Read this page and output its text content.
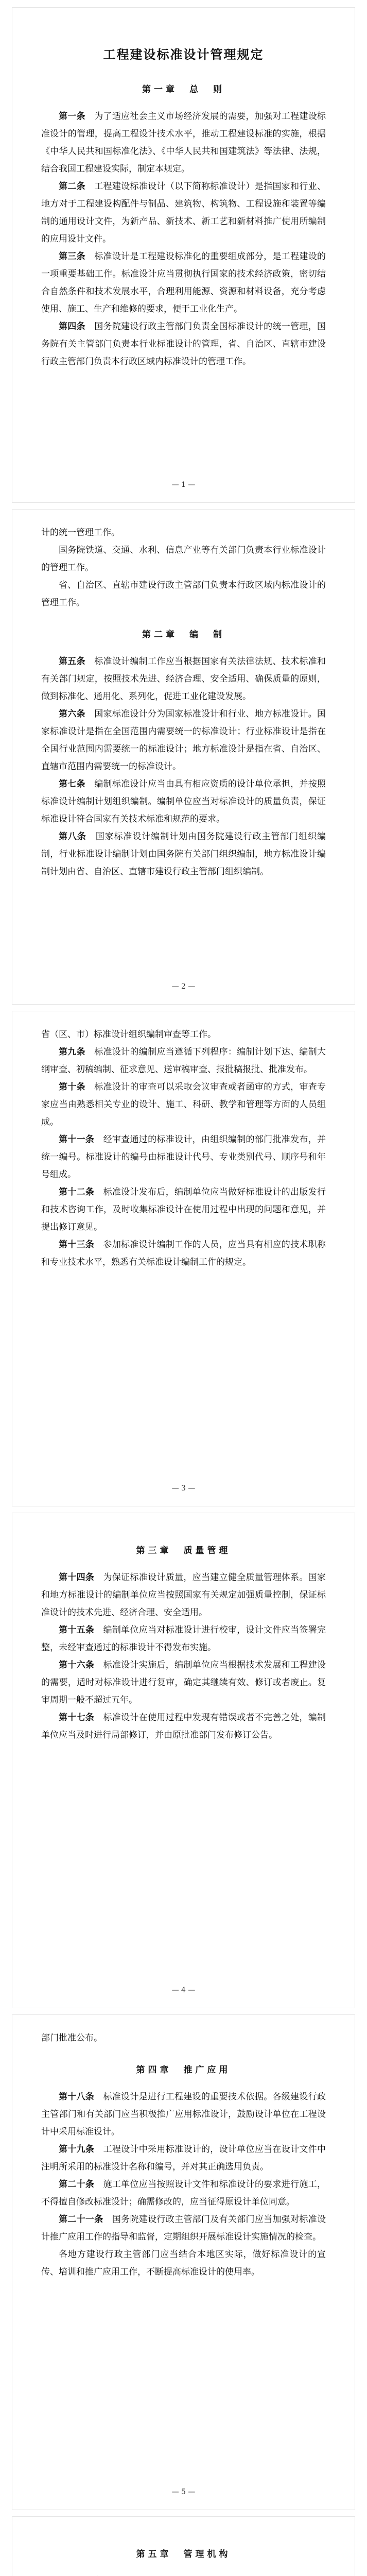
工程建设标准设计管理规定

第一章　总　则

第一条　 为了适应社会主义市场经济发展的需要，加强对工程建设标准设计的管理，提高工程设计技术水平，推动工程建设标准的实施，根据《中华人民共和国标准化法》、《中华人民共和国建筑法》等法律、法规，结合我国工程建设实际，制定本规定。

第二条　 工程建设标准设计（以下简称标准设计）是指国家和行业、地方对于工程建设构配件与制品、建筑物、构筑物、工程设施和装置等编制的通用设计文件，为新产品、新技术、新工艺和新材料推广使用所编制的应用设计文件。

第三条　 标准设计是工程建设标准化的重要组成部分，是工程建设的一项重要基础工作。标准设计应当贯彻执行国家的技术经济政策，密切结合自然条件和技术发展水平，合理利用能源、资源和材料设备，充分考虑使用、施工、生产和维修的要求，便于工业化生产。

第四条　 国务院建设行政主管部门负责全国标准设计的统一管理，国务院有关主管部门负责本行业标准设计的管理，省、自治区、直辖市建设行政主管部门负责本行政区域内标准设计的管理工作。

— 1 —

计的统一管理工作。

国务院铁道、交通、水利、信息产业等有关部门负责本行业标准设计的管理工作。

省、自治区、直辖市建设行政主管部门负责本行政区域内标准设计的管理工作。

第二章　编　制

第五条　 标准设计编制工作应当根据国家有关法律法规、技术标准和有关部门规定，按照技术先进、经济合理、安全适用、确保质量的原则，做到标准化、通用化、系列化，促进工业化建设发展。

第六条　 国家标准设计分为国家标准设计和行业、地方标准设计。国家标准设计是指在全国范围内需要统一的标准设计；行业标准设计是指在全国行业范围内需要统一的标准设计；地方标准设计是指在省、自治区、直辖市范围内需要统一的标准设计。

第七条　 编制标准设计应当由具有相应资质的设计单位承担，并按照标准设计编制计划组织编制。编制单位应当对标准设计的质量负责，保证标准设计符合国家有关技术标准和规范的要求。

第八条　 国家标准设计编制计划由国务院建设行政主管部门组织编制，行业标准设计编制计划由国务院有关部门组织编制，地方标准设计编制计划由省、自治区、直辖市建设行政主管部门组织编制。

— 2 —

省（区、市）标准设计组织编制审查等工作。

第九条　 标准设计的编制应当遵循下列程序：编制计划下达、编制大纲审查、初稿编制、征求意见、送审稿审查、报批稿报批、批准发布。

第十条　 标准设计的审查可以采取会议审查或者函审的方式，审查专家应当由熟悉相关专业的设计、施工、科研、教学和管理等方面的人员组成。

第十一条　 经审查通过的标准设计，由组织编制的部门批准发布，并统一编号。标准设计的编号由标准设计代号、专业类别代号、顺序号和年号组成。

第十二条　 标准设计发布后，编制单位应当做好标准设计的出版发行和技术咨询工作，及时收集标准设计在使用过程中出现的问题和意见，并提出修订意见。

第十三条　 参加标准设计编制工作的人员，应当具有相应的技术职称和专业技术水平，熟悉有关标准设计编制工作的规定。

— 3 —

第三章　质量管理

第十四条　 为保证标准设计质量，应当建立健全质量管理体系。国家和地方标准设计的编制单位应当按照国家有关规定加强质量控制，保证标准设计的技术先进、经济合理、安全适用。

第十五条　 编制单位应当对标准设计进行校审，设计文件应当签署完整，未经审查通过的标准设计不得发布实施。

第十六条　 标准设计实施后，编制单位应当根据技术发展和工程建设的需要，适时对标准设计进行复审，确定其继续有效、修订或者废止。复审周期一般不超过五年。

第十七条　 标准设计在使用过程中发现有错误或者不完善之处，编制单位应当及时进行局部修订，并由原批准部门发布修订公告。

— 4 —

部门批准公布。

第四章　推广应用

第十八条　 标准设计是进行工程建设的重要技术依据。各级建设行政主管部门和有关部门应当积极推广应用标准设计，鼓励设计单位在工程设计中采用标准设计。

第十九条　 工程设计中采用标准设计的，设计单位应当在设计文件中注明所采用的标准设计名称和编号，并对其正确选用负责。

第二十条　 施工单位应当按照设计文件和标准设计的要求进行施工，不得擅自修改标准设计；确需修改的，应当征得原设计单位同意。

第二十一条　 国务院建设行政主管部门及有关部门应当加强对标准设计推广应用工作的指导和监督，定期组织开展标准设计实施情况的检查。

各地方建设行政主管部门应当结合本地区实际，做好标准设计的宣传、培训和推广应用工作，不断提高标准设计的使用率。

— 5 —

第五章　管理机构
